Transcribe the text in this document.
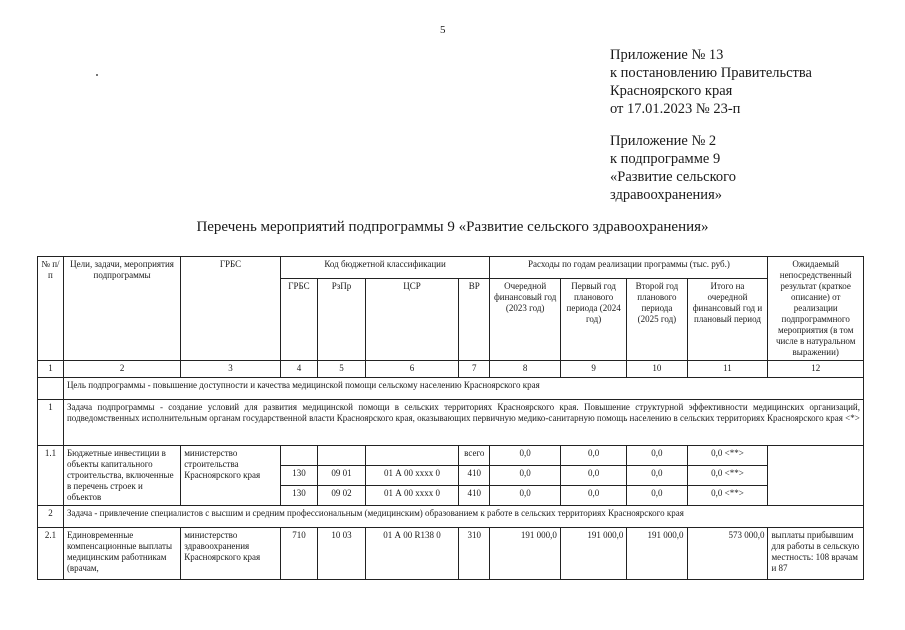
5
Приложение № 13
к постановлению Правительства
Красноярского края
от 17.01.2023 № 23-п
Приложение № 2
к подпрограмме 9
«Развитие сельского
здравоохранения»
Перечень мероприятий подпрограммы 9 «Развитие сельского здравоохранения»
№ п/п	Цели, задачи, мероприятия подпрограммы	ГРБС	Код бюджетной классификации				Расходы по годам реализации программы (тыс. руб.)				Ожидаемый непосредственный результат (краткое описание) от реализации подпрограммного мероприятия (в том числе в натуральном выражении)
			ГРБС	РзПр	ЦСР	ВР	Очередной финансовый год (2023 год)	Первый год планового периода (2024 год)	Второй год планового периода (2025 год)	Итого на очередной финансовый год и плановый период	
1	2	3	4	5	6	7	8	9	10	11	12
	Цель подпрограммы - повышение доступности и качества медицинской помощи сельскому населению Красноярского края										
1	Задача подпрограммы - создание условий для развития медицинской помощи в сельских территориях Красноярского края. Повышение структурной эффективности медицинских организаций, подведомственных исполнительным органам государственной власти Красноярского края, оказывающих первичную медико-санитарную помощь населению в сельских территориях Красноярского края <*>										
1.1	Бюджетные инвестиции в объекты капитального строительства, включенные в перечень строек и объектов	министерство строительства Красноярского края				всего	0,0	0,0	0,0	0,0 <**>	
			130	09 01	01 А 00 хххх 0	410	0,0	0,0	0,0	0,0 <**>	
			130	09 02	01 А 00 хххх 0	410	0,0	0,0	0,0	0,0 <**>	
2	Задача - привлечение специалистов с высшим и средним профессиональным (медицинским) образованием к работе в сельских территориях Красноярского края										
2.1	Единовременные компенсационные выплаты медицинским работникам (врачам,	министерство здравоохранения Красноярского края	710	10 03	01 А 00 R138 0	310	191 000,0	191 000,0	191 000,0	573 000,0	выплаты прибывшим для работы в сельскую местность: 108 врачам и 87
